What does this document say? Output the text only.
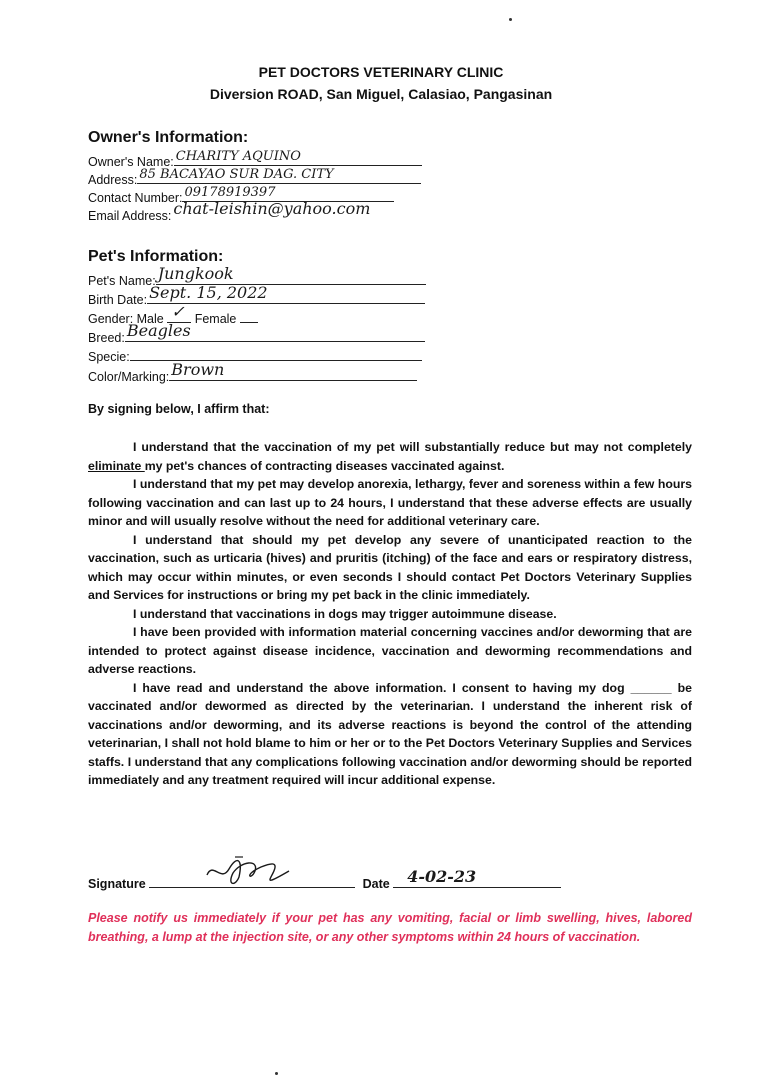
PET DOCTORS VETERINARY CLINIC
Diversion ROAD, San Miguel, Calasiao, Pangasinan
Owner's Information:
Owner's Name: CHARITY AQUINO
Address: 85 BACAYAO SUR DAG. CITY
Contact Number: 09178919397
Email Address: chat-leishin@yahoo.com
Pet's Information:
Pet's Name: Jungkook
Birth Date: Sept. 15, 2022
Gender: Male ✓ Female
Breed: Beagles
Specie:
Color/Marking: Brown
By signing below, I affirm that:

I understand that the vaccination of my pet will substantially reduce but may not completely eliminate my pet's chances of contracting diseases vaccinated against.

I understand that my pet may develop anorexia, lethargy, fever and soreness within a few hours following vaccination and can last up to 24 hours, I understand that these adverse effects are usually minor and will usually resolve without the need for additional veterinary care.

I understand that should my pet develop any severe of unanticipated reaction to the vaccination, such as urticaria (hives) and pruritis (itching) of the face and ears or respiratory distress, which may occur within minutes, or even seconds I should contact Pet Doctors Veterinary Supplies and Services for instructions or bring my pet back in the clinic immediately.

I understand that vaccinations in dogs may trigger autoimmune disease.

I have been provided with information material concerning vaccines and/or deworming that are intended to protect against disease incidence, vaccination and deworming recommendations and adverse reactions.

I have read and understand the above information. I consent to having my dog ______ be vaccinated and/or dewormed as directed by the veterinarian. I understand the inherent risk of vaccinations and/or deworming, and its adverse reactions is beyond the control of the attending veterinarian, I shall not hold blame to him or her or to the Pet Doctors Veterinary Supplies and Services staffs. I understand that any complications following vaccination and/or deworming should be reported immediately and any treatment required will incur additional expense.

Signature	Date 4-02-23
Please notify us immediately if your pet has any vomiting, facial or limb swelling, hives, labored breathing, a lump at the injection site, or any other symptoms within 24 hours of vaccination.
